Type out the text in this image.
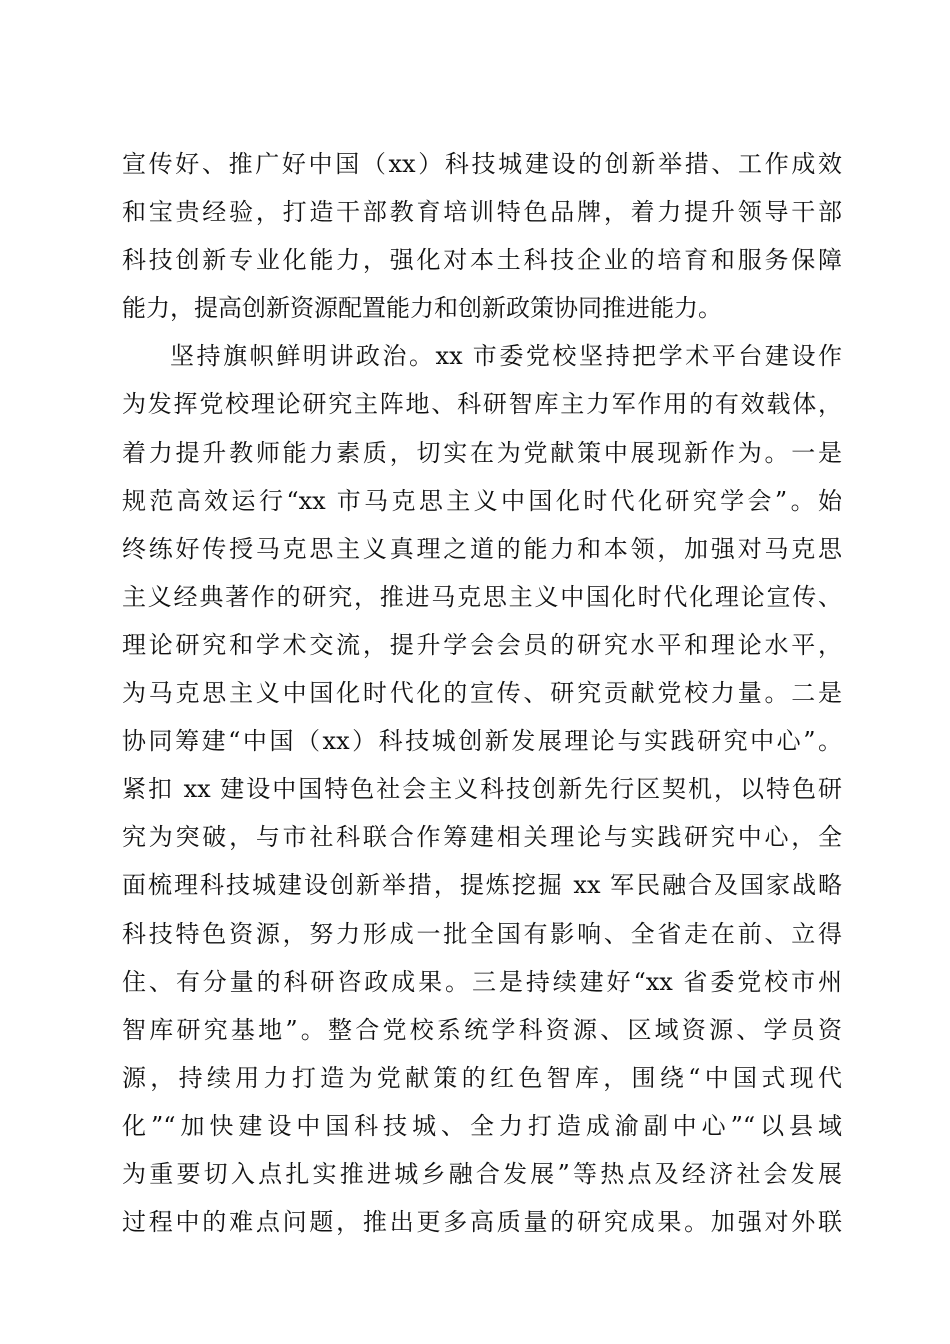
宣传好、推广好中国（xx）科技城建设的创新举措、工作成效
和宝贵经验，打造干部教育培训特色品牌，着力提升领导干部
科技创新专业化能力，强化对本土科技企业的培育和服务保障
能力，提高创新资源配置能力和创新政策协同推进能力。
坚持旗帜鲜明讲政治。xx 市委党校坚持把学术平台建设作
为发挥党校理论研究主阵地、科研智库主力军作用的有效载体，
着力提升教师能力素质，切实在为党献策中展现新作为。一是
规范高效运行“xx 市马克思主义中国化时代化研究学会”。始
终练好传授马克思主义真理之道的能力和本领，加强对马克思
主义经典著作的研究，推进马克思主义中国化时代化理论宣传、
理论研究和学术交流，提升学会会员的研究水平和理论水平，
为马克思主义中国化时代化的宣传、研究贡献党校力量。二是
协同筹建“中国（xx）科技城创新发展理论与实践研究中心”。
紧扣 xx 建设中国特色社会主义科技创新先行区契机，以特色研
究为突破，与市社科联合作筹建相关理论与实践研究中心，全
面梳理科技城建设创新举措，提炼挖掘 xx 军民融合及国家战略
科技特色资源，努力形成一批全国有影响、全省走在前、立得
住、有分量的科研咨政成果。三是持续建好“xx 省委党校市州
智库研究基地”。整合党校系统学科资源、区域资源、学员资
源，持续用力打造为党献策的红色智库，围绕“中国式现代
化”“加快建设中国科技城、全力打造成渝副中心”“以县域
为重要切入点扎实推进城乡融合发展”等热点及经济社会发展
过程中的难点问题，推出更多高质量的研究成果。加强对外联
